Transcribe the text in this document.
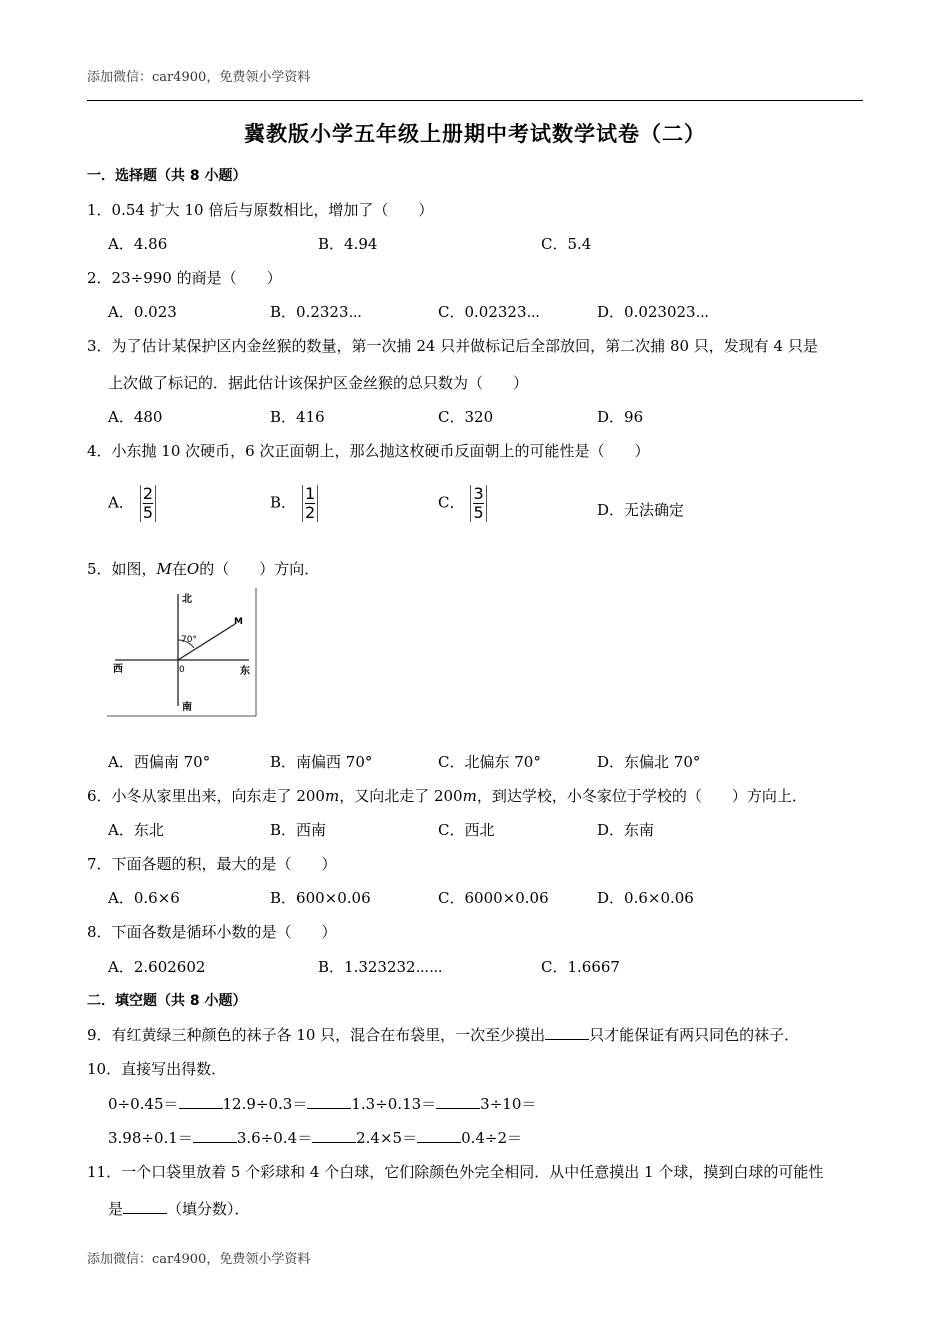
添加微信：car4900，免费领小学资料
冀教版小学五年级上册期中考试数学试卷（二）
一．选择题（共 8 小题）
1．0.54 扩大 10 倍后与原数相比，增加了（　　）
A．4.86	B．4.94	C．5.4
2．23÷990 的商是（　　）
A．0.023	B．0.2323⋯	C．0.02323⋯	D．0.023023⋯
3．为了估计某保护区内金丝猴的数量，第一次捕 24 只并做标记后全部放回，第二次捕 80 只，发现有 4 只是
上次做了标记的．据此估计该保护区金丝猴的总只数为（　　）
A．480	B．416	C．320	D．96
4．小东抛 10 次硬币，6 次正面朝上，那么抛这枚硬币反面朝上的可能性是（　　）
A． $\frac{2}{5}$	B． $\frac{1}{2}$	C． $\frac{3}{5}$	D．无法确定
5．如图，M在O的（　　）方向．
北
南
东
西	0
M
70°
A．西偏南 70°	B．南偏西 70°	C．北偏东 70°	D．东偏北 70°
6．小冬从家里出来，向东走了 200m，又向北走了 200m，到达学校，小冬家位于学校的（　　）方向上．
A．东北	B．西南	C．西北	D．东南
7．下面各题的积，最大的是（　　）
A．0.6×6	B．600×0.06	C．6000×0.06	D．0.6×0.06
8．下面各数是循环小数的是（　　）
A．2.602602	B．1.323232⋯⋯	C．1.6667
二．填空题（共 8 小题）
9．有红黄绿三种颜色的袜子各 10 只，混合在布袋里，一次至少摸出	只才能保证有两只同色的袜子．
10．直接写出得数．
0÷0.45＝	12.9÷0.3＝	1.3÷0.13＝	3÷10＝
3.98÷0.1＝	3.6÷0.4＝	2.4×5＝	0.4÷2＝
11．一个口袋里放着 5 个彩球和 4 个白球，它们除颜色外完全相同．从中任意摸出 1 个球，摸到白球的可能性
是	（填分数）．
添加微信：car4900，免费领小学资料
